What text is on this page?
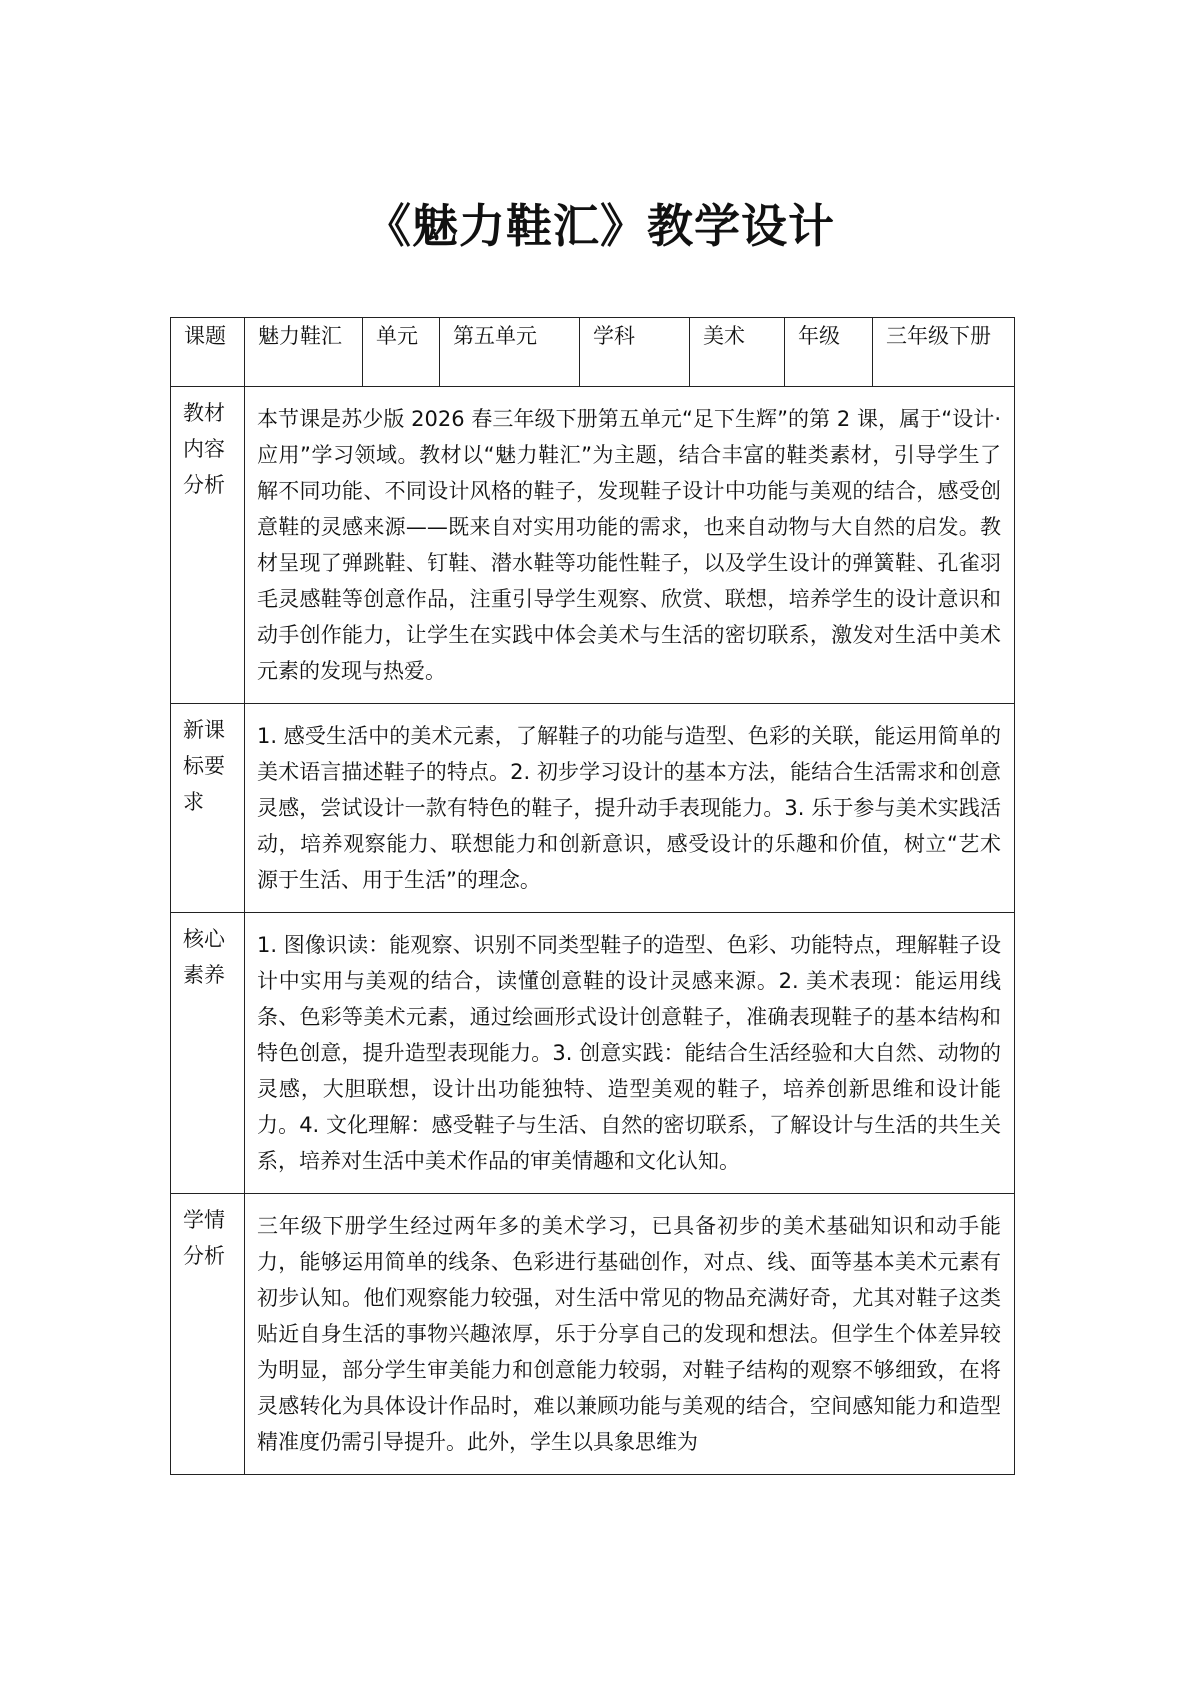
《魅力鞋汇》教学设计
课题	魅力鞋汇	单元	第五单元	学科	美术	年级	三年级下册

教材内容分析	本节课是苏少版 2026 春三年级下册第五单元“足下生辉”的第 2 课，属于“设计·应用”学习领域。教材以“魅力鞋汇”为主题，结合丰富的鞋类素材，引导学生了解不同功能、不同设计风格的鞋子，发现鞋子设计中功能与美观的结合，感受创意鞋的灵感来源——既来自对实用功能的需求，也来自动物与大自然的启发。教材呈现了弹跳鞋、钉鞋、潜水鞋等功能性鞋子，以及学生设计的弹簧鞋、孔雀羽毛灵感鞋等创意作品，注重引导学生观察、欣赏、联想，培养学生的设计意识和动手创作能力，让学生在实践中体会美术与生活的密切联系，激发对生活中美术元素的发现与热爱。						

新课标要求	1. 感受生活中的美术元素，了解鞋子的功能与造型、色彩的关联，能运用简单的美术语言描述鞋子的特点。2. 初步学习设计的基本方法，能结合生活需求和创意灵感，尝试设计一款有特色的鞋子，提升动手表现能力。3. 乐于参与美术实践活动，培养观察能力、联想能力和创新意识，感受设计的乐趣和价值，树立“艺术源于生活、用于生活”的理念。						

核心素养	1. 图像识读：能观察、识别不同类型鞋子的造型、色彩、功能特点，理解鞋子设计中实用与美观的结合，读懂创意鞋的设计灵感来源。2. 美术表现：能运用线条、色彩等美术元素，通过绘画形式设计创意鞋子，准确表现鞋子的基本结构和特色创意，提升造型表现能力。3. 创意实践：能结合生活经验和大自然、动物的灵感，大胆联想，设计出功能独特、造型美观的鞋子，培养创新思维和设计能力。4. 文化理解：感受鞋子与生活、自然的密切联系，了解设计与生活的共生关系，培养对生活中美术作品的审美情趣和文化认知。						

学情分析	三年级下册学生经过两年多的美术学习，已具备初步的美术基础知识和动手能力，能够运用简单的线条、色彩进行基础创作，对点、线、面等基本美术元素有初步认知。他们观察能力较强，对生活中常见的物品充满好奇，尤其对鞋子这类贴近自身生活的事物兴趣浓厚，乐于分享自己的发现和想法。但学生个体差异较为明显，部分学生审美能力和创意能力较弱，对鞋子结构的观察不够细致，在将灵感转化为具体设计作品时，难以兼顾功能与美观的结合，空间感知能力和造型精准度仍需引导提升。此外，学生以具象思维为						
